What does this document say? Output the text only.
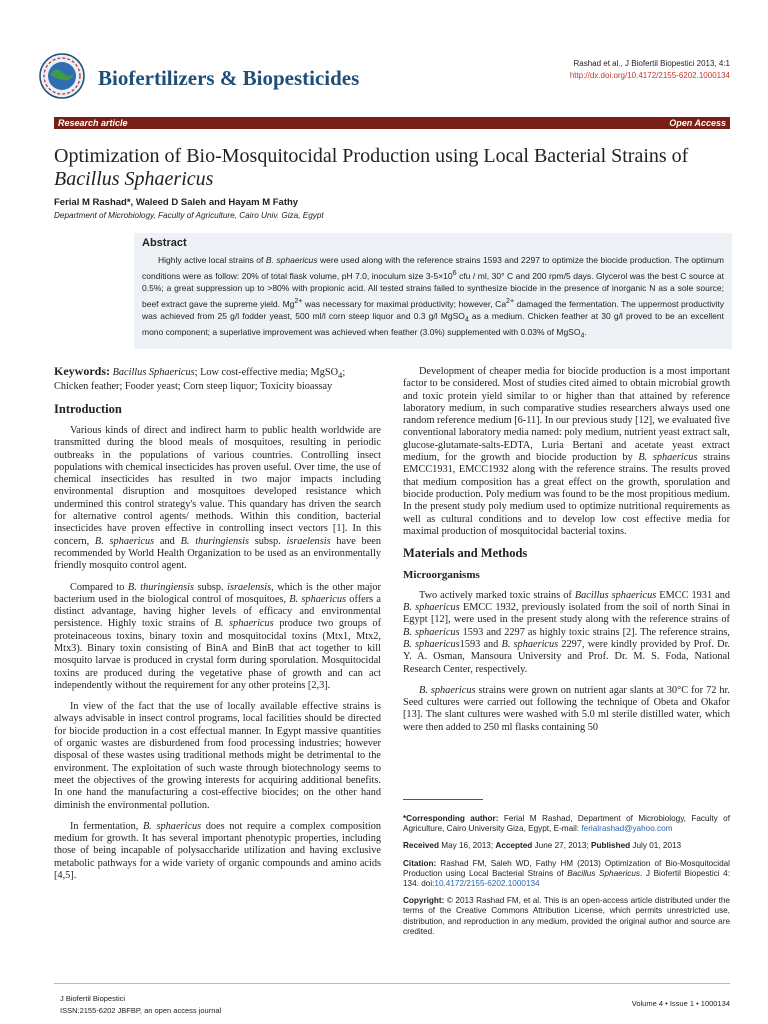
Biofertilizers & Biopesticides
Rashad et al., J Biofertil Biopestici 2013, 4:1
http://dx.doi.org/10.4172/2155-6202.1000134
Research article	Open Access
Optimization of Bio-Mosquitocidal Production using Local Bacterial Strains of Bacillus Sphaericus
Ferial M Rashad*, Waleed D Saleh and Hayam M Fathy
Department of Microbiology, Faculty of Agriculture, Cairo Univ. Giza, Egypt
Abstract

Highly active local strains of B. sphaericus were used along with the reference strains 1593 and 2297 to optimize the biocide production. The optimum conditions were as follow: 20% of total flask volume, pH 7.0, inoculum size $3-5\times 10^6$ cfu / ml, 30° C and 200 rpm/5 days. Glycerol was the best C source at 0.5%; a great suppression up to >80% with propionic acid. All tested strains failed to synthesize biocide in the presence of inorganic N as a sole source; beef extract gave the supreme yield. $Mg^{2+}$ was necessary for maximal productivity; however, $Ca^{2+}$ damaged the fermentation. The uppermost productivity was achieved from 25 g/l fodder yeast, 500 ml/l corn steep liquor and 0.3 g/l MgSO$_4$ as a medium. Chicken feather at 30 g/l proved to be an excellent mono component; a superlative improvement was achieved when feather (3.0%) supplemented with 0.03% of MgSO$_4$.

Keywords: Bacillus Sphaericus; Low cost-effective media; MgSO$_4$; Chicken feather; Fooder yeast; Corn steep liquor; Toxicity bioassay

Introduction

Various kinds of direct and indirect harm to public health worldwide are transmitted during the blood meals of mosquitoes, resulting in periodic outbreaks in the populations of various countries. Controlling insect populations with chemical insecticides has proven useful. Over time, the use of chemical insecticides has resulted in two major impacts including environmental disruption and mosquitoes developed resistance which undermined this control strategy's value. This quandary has driven the search for alternative control agents/ methods. Within this condition, bacterial insecticides have proven effective in controlling insect vectors [1]. In this concern, B. sphaericus and B. thuringiensis subsp. israelensis have been recommended by World Health Organization to be used as an environmentally friendly mosquito control agent.

Compared to B. thuringiensis subsp. israelensis, which is the other major bacterium used in the biological control of mosquitoes, B. sphaericus offers a distinct advantage, having higher levels of efficacy and environmental persistence. Highly toxic strains of B. sphaericus produce two groups of proteinaceous toxins, binary toxin and mosquitocidal toxins (Mtx1, Mtx2, Mtx3). Binary toxin consisting of BinA and BinB that act together to kill mosquito larvae is produced in crystal form during sporulation. Mosquitocidal toxins are produced during the vegetative phase of growth and can act independently without the requirement for any other proteins [2,3].

In view of the fact that the use of locally available effective strains is always advisable in insect control programs, local facilities should be directed for biocide production in a cost effectual manner. In Egypt massive quantities of organic wastes are disburdened from food processing industries; however disposal of these wastes using traditional methods might be detrimental to the environment. The exploitation of such waste through biotechnology seems to meet the objectives of the growing interests for acquiring additional benefits. In one hand the manufacturing a cost-effective biocides; on the other hand diminish the environmental pollution.

In fermentation, B. sphaericus does not require a complex composition medium for growth. It has several important phenotypic properties, including those of being incapable of polysaccharide utilization and having exclusive metabolic pathways for a wide variety of organic compounds and amino acids [4,5].

Development of cheaper media for biocide production is a most important factor to be considered. Most of studies cited aimed to obtain microbial growth and toxic protein yield similar to or higher than that attained by reference laboratory medium, in such comparative studies researchers always used one random reference medium [6-11]. In our previous study [12], we evaluated five conventional laboratory media named: poly medium, nutrient yeast extract salt, glucose-glutamate-salts-EDTA, Luria Bertani and acetate yeast extract medium, for the growth and biocide production by B. sphaericus strains EMCC1931, EMCC1932 along with the reference strains. The results proved that medium composition has a great effect on the growth, sporulation and biocide production. Poly medium was found to be the most propitious medium. In the present study poly medium used to optimize nutritional requirements as well as cultural conditions and to develop low cost effective media for maximal production of mosquitocidal bacterial toxins.

Materials and Methods
Microorganisms

Two actively marked toxic strains of Bacillus sphaericus EMCC 1931 and B. sphaericus EMCC 1932, previously isolated from the soil of north Sinai in Egypt [12], were used in the present study along with the reference strains of B. sphaericus 1593 and 2297 as highly toxic strains [2]. The reference strains, B. sphaericus1593 and B. sphaericus 2297, were kindly provided by Prof. Dr. Y. A. Osman, Mansoura University and Prof. Dr. M. S. Foda, National Research Center, respectively.

B. sphaericus strains were grown on nutrient agar slants at 30°C for 72 hr. Seed cultures were carried out following the technique of Obeta and Okafor [13]. The slant cultures were washed with 5.0 ml sterile distilled water, which were then added to 250 ml flasks containing 50

*Corresponding author: Ferial M Rashad, Department of Microbiology, Faculty of Agriculture, Cairo University Giza, Egypt, E-mail: ferialrashad@yahoo.com
Received May 16, 2013; Accepted June 27, 2013; Published July 01, 2013
Citation: Rashad FM, Saleh WD, Fathy HM (2013) Optimization of Bio-Mosquitocidal Production using Local Bacterial Strains of Bacillus Sphaericus. J Biofertil Biopestici 4: 134. doi:10.4172/2155-6202.1000134
Copyright: © 2013 Rashad FM, et al. This is an open-access article distributed under the terms of the Creative Commons Attribution License, which permits unrestricted use, distribution, and reproduction in any medium, provided the original author and source are credited.
J Biofertil Biopestici
ISSN:2155-6202 JBFBP, an open access journal
Volume 4 • Issue 1 • 1000134
